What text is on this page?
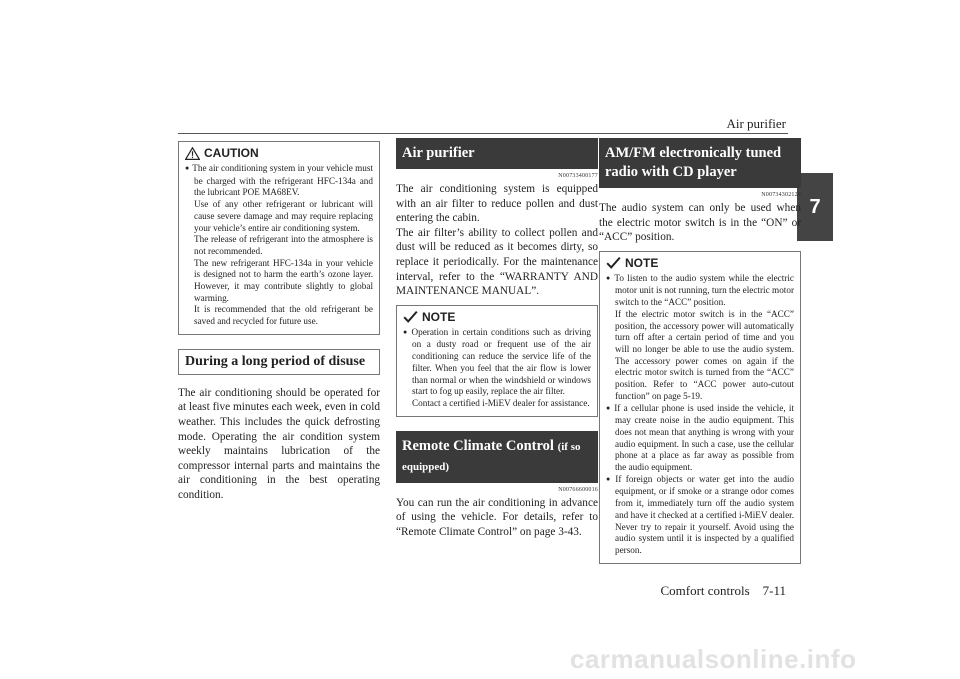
Air purifier
7
CAUTION
● The air conditioning system in your vehicle must be charged with the refrigerant HFC-134a and the lubricant POE MA68EV.
Use of any other refrigerant or lubricant will cause severe damage and may require replacing your vehicle’s entire air conditioning system.
The release of refrigerant into the atmosphere is not recommended.
The new refrigerant HFC-134a in your vehicle is designed not to harm the earth’s ozone layer. However, it may contribute slightly to global warming.
It is recommended that the old refrigerant be saved and recycled for future use.
During a long period of disuse
The air conditioning should be operated for at least five minutes each week, even in cold weather. This includes the quick defrosting mode. Operating the air condition system weekly maintains lubrication of the compressor internal parts and maintains the air conditioning in the best operating condition.
Air purifier
N00733400177

The air conditioning system is equipped with an air filter to reduce pollen and dust entering the cabin.

The air filter’s ability to collect pollen and dust will be reduced as it becomes dirty, so replace it periodically. For the maintenance interval, refer to the “WARRANTY AND MAINTENANCE MANUAL”.

NOTE
● Operation in certain conditions such as driving on a dusty road or frequent use of the air conditioning can reduce the service life of the filter. When you feel that the air flow is lower than normal or when the windshield or windows start to fog up easily, replace the air filter.
Contact a certified i-MiEV dealer for assistance.
Remote Climate Control (if so equipped)
N00766600016
You can run the air conditioning in advance of using the vehicle. For details, refer to “Remote Climate Control” on page 3-43.
AM/FM electronically tuned radio with CD player
N00734302128
The audio system can only be used when the electric motor switch is in the “ON” or “ACC” position.
NOTE
● To listen to the audio system while the electric motor unit is not running, turn the electric motor switch to the “ACC” position.
If the electric motor switch is in the “ACC” position, the accessory power will automatically turn off after a certain period of time and you will no longer be able to use the audio system. The accessory power comes on again if the electric motor switch is turned from the “ACC” position. Refer to “ACC power auto-cutout function” on page 5-19.
● If a cellular phone is used inside the vehicle, it may create noise in the audio equipment. This does not mean that anything is wrong with your audio equipment. In such a case, use the cellular phone at a place as far away as possible from the audio equipment.
● If foreign objects or water get into the audio equipment, or if smoke or a strange odor comes from it, immediately turn off the audio system and have it checked at a certified i-MiEV dealer. Never try to repair it yourself. Avoid using the audio system until it is inspected by a qualified person.
Comfort controls    7-11
carmanualsonline.info
